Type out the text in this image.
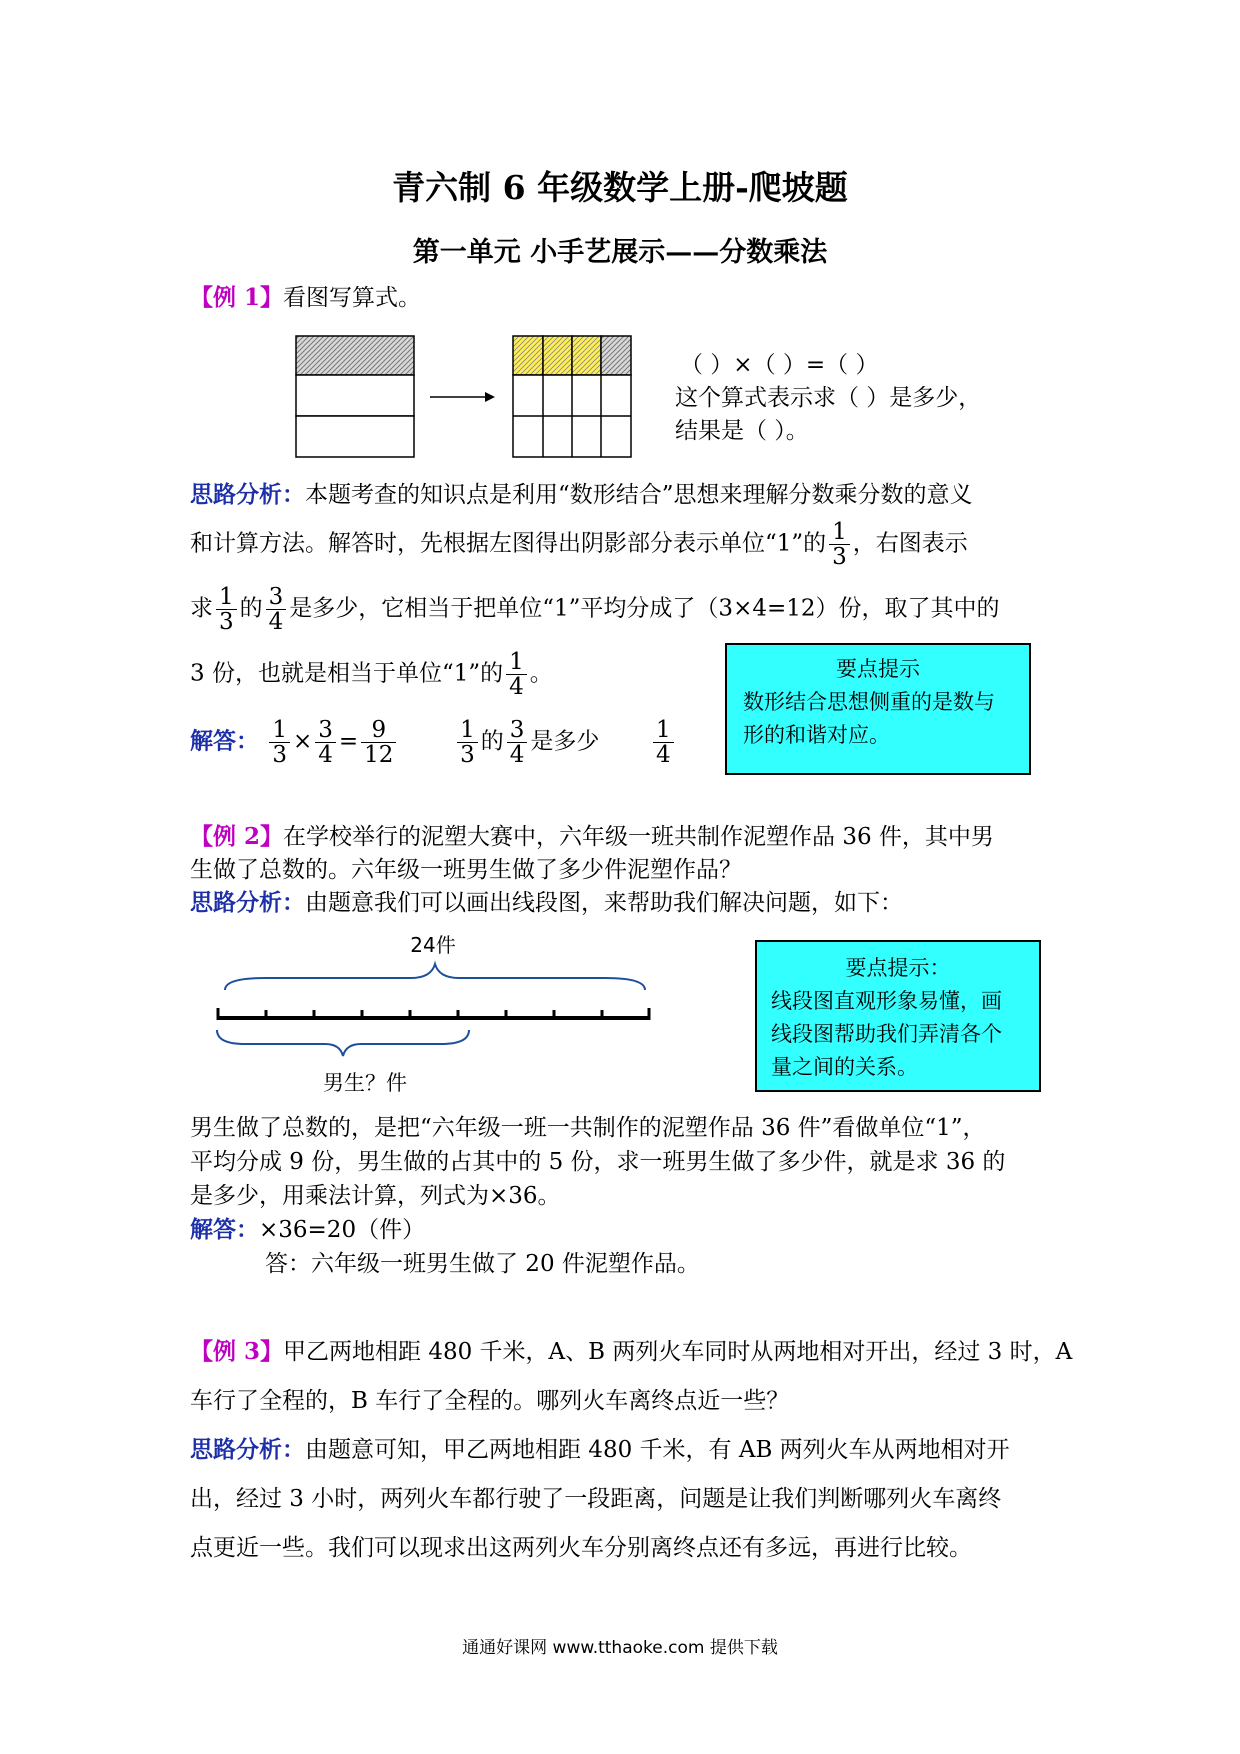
青六制 6 年级数学上册-爬坡题
第一单元 小手艺展示——分数乘法
【例 1】看图写算式。
（ ）×（ ）=（ ）
这个算式表示求（ ）是多少，
结果是（ ）。
思路分析：本题考查的知识点是利用“数形结合”思想来理解分数乘分数的意义
和计算方法。解答时，先根据左图得出阴影部分表示单位“1”的 $\frac{1}{3}$ ，右图表示
求 $\frac{1}{3}$ 的 $\frac{3}{4}$ 是多少，它相当于把单位“1”平均分成了（3×4=12）份，取了其中的
3 份，也就是相当于单位“1”的 $\frac{1}{4}$ 。
解答： $\frac{1}{3} \times \frac{3}{4} = \frac{9}{12}$
	$\frac{1}{3}$ 的 $\frac{3}{4}$ 是多少 $\frac{1}{4}$
要点提示
数形结合思想侧重的是数与
形的和谐对应。
【例 2】在学校举行的泥塑大赛中，六年级一班共制作泥塑作品 36 件，其中男
生做了总数的。六年级一班男生做了多少件泥塑作品？
思路分析：由题意我们可以画出线段图，来帮助我们解决问题，如下：
24件
男生？件
要点提示：
线段图直观形象易懂，画
线段图帮助我们弄清各个
量之间的关系。
男生做了总数的，是把“六年级一班一共制作的泥塑作品 36 件”看做单位“1”，
平均分成 9 份，男生做的占其中的 5 份，求一班男生做了多少件，就是求 36 的
是多少，用乘法计算，列式为×36。
解答：×36=20（件）
答：六年级一班男生做了 20 件泥塑作品。
【例 3】甲乙两地相距 480 千米，A、B 两列火车同时从两地相对开出，经过 3 时，A
车行了全程的，B 车行了全程的。哪列火车离终点近一些？
思路分析：由题意可知，甲乙两地相距 480 千米，有 AB 两列火车从两地相对开
出，经过 3 小时，两列火车都行驶了一段距离，问题是让我们判断哪列火车离终
点更近一些。我们可以现求出这两列火车分别离终点还有多远，再进行比较。
通通好课网 www.tthaoke.com 提供下载
